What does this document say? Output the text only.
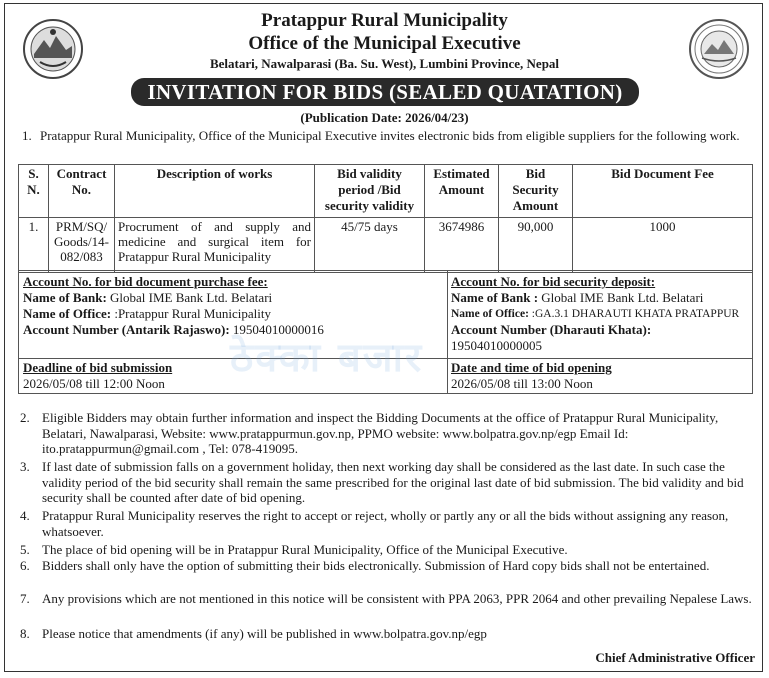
Pratappur Rural Municipality
Office of the Municipal Executive
Belatari, Nawalparasi (Ba. Su. West), Lumbini Province, Nepal
INVITATION FOR BIDS (SEALED QUATATION)
(Publication Date: 2026/04/23)
1. Pratappur Rural Municipality, Office of the Municipal Executive invites electronic bids from eligible suppliers for the following work.
S. N.	Contract No.	Description of works	Bid validity period /Bid security validity	Estimated Amount	Bid Security Amount	Bid Document Fee
1.	PRM/SQ/ Goods/14- 082/083	Procrument of and supply and medicine and surgical item for Pratappur Rural Municipality	45/75 days	3674986	90,000	1000
Account No. for bid document purchase fee:
Name of Bank: Global IME Bank Ltd. Belatari
Name of Office: :Pratappur Rural Municipality
Account Number (Antarik Rajaswo): 19504010000016
Account No. for bid security deposit:
Name of Bank : Global IME Bank Ltd. Belatari
Name of Office: :GA.3.1 DHARAUTI KHATA PRATAPPUR
Account Number (Dharauti Khata):
19504010000005
Deadline of bid submission
2026/05/08 till 12:00 Noon
Date and time of bid opening
2026/05/08 till 13:00 Noon
ठेक्का बजार
2. Eligible Bidders may obtain further information and inspect the Bidding Documents at the office of Pratappur Rural Municipality, Belatari, Nawalparasi, Website: www.pratappurmun.gov.np, PPMO website: www.bolpatra.gov.np/egp Email Id: ito.pratappurmun@gmail.com , Tel: 078-419095.
3. If last date of submission falls on a government holiday, then next working day shall be considered as the last date. In such case the validity period of the bid security shall remain the same prescribed for the original last date of bid submission. The bid validity and bid security shall be counted after date of bid opening.
4. Pratappur Rural Municipality reserves the right to accept or reject, wholly or partly any or all the bids without assigning any reason, whatsoever.
5. The place of bid opening will be in Pratappur Rural Municipality, Office of the Municipal Executive.
6. Bidders shall only have the option of submitting their bids electronically. Submission of Hard copy bids shall not be entertained.
7. Any provisions which are not mentioned in this notice will be consistent with PPA 2063, PPR 2064 and other prevailing Nepalese Laws.
8. Please notice that amendments (if any) will be published in www.bolpatra.gov.np/egp
Chief Administrative Officer
